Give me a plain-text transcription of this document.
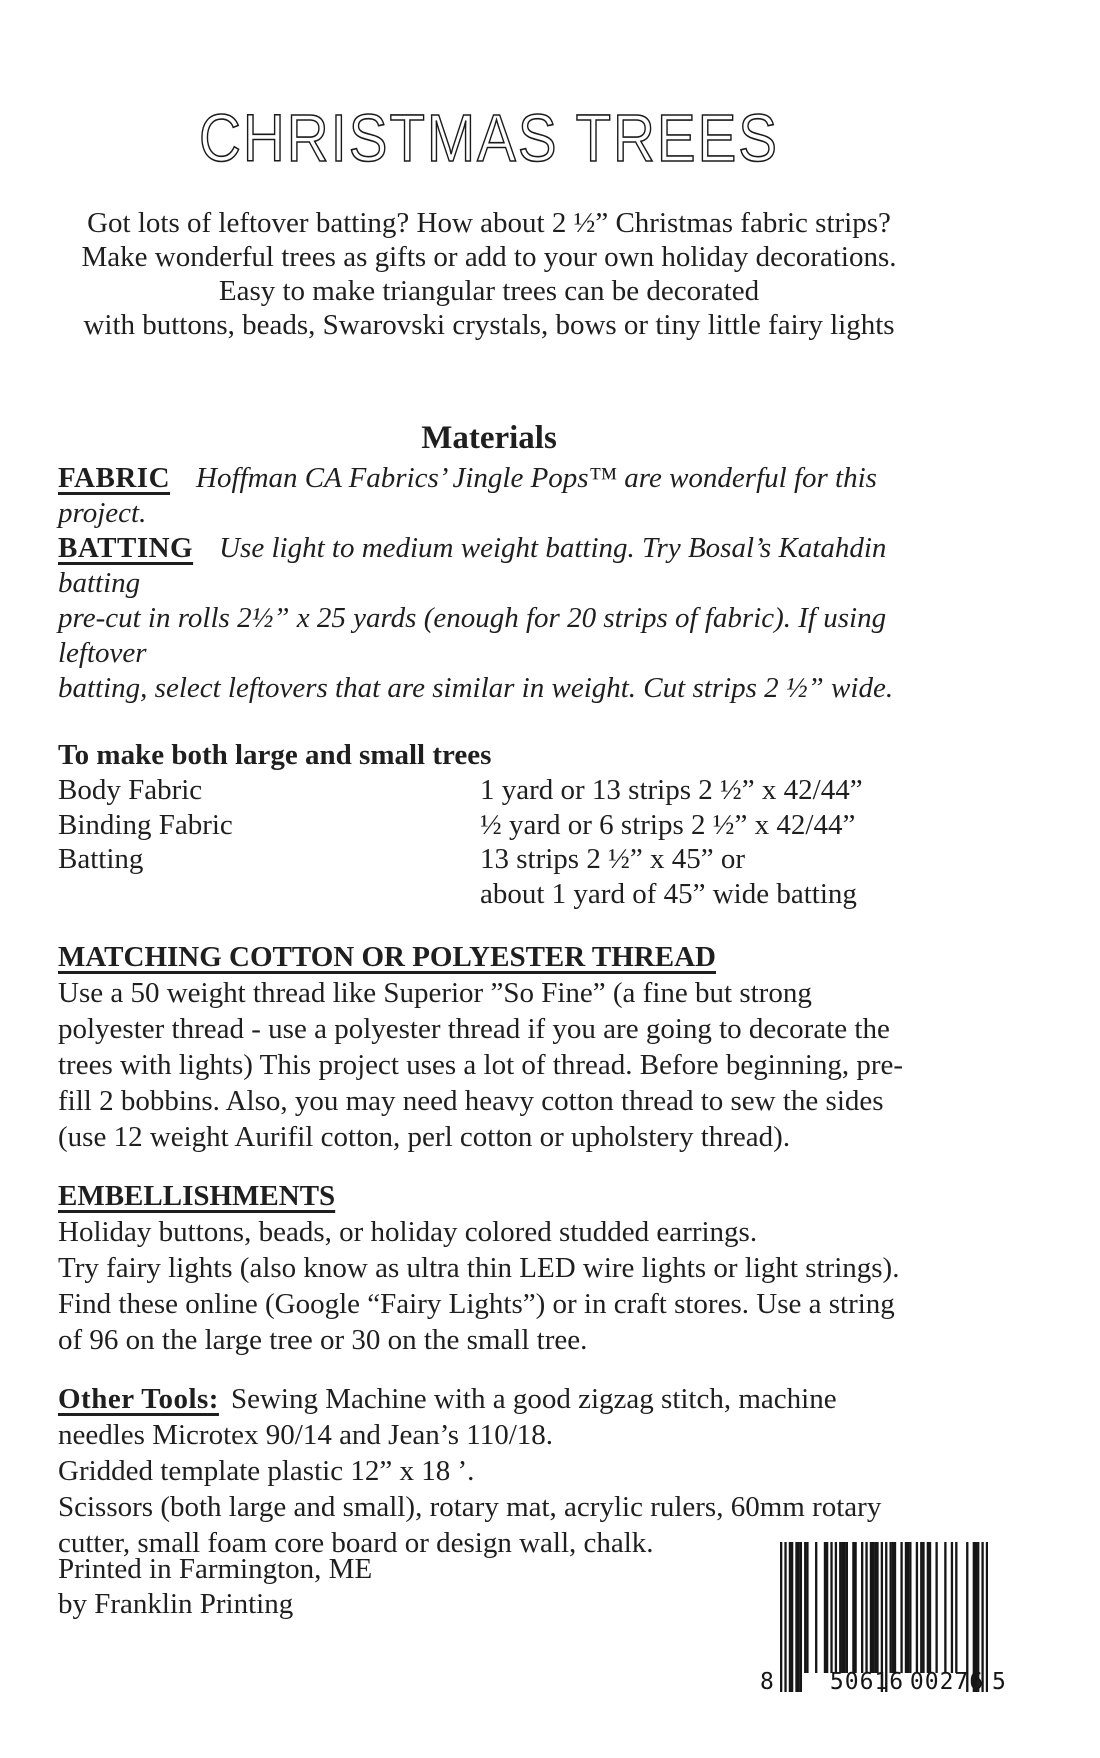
CHRISTMAS TREES
Got lots of leftover batting? How about 2 ½” Christmas fabric strips?
Make wonderful trees as gifts or add to your own holiday decorations.
Easy to make triangular trees can be decorated
with buttons, beads, Swarovski crystals, bows or tiny little fairy lights
Materials
FABRIC Hoffman CA Fabrics’ Jingle Pops™ are wonderful for this project.
BATTING Use light to medium weight batting. Try Bosal’s Katahdin batting
pre-cut in rolls 2½” x 25 yards (enough for 20 strips of fabric). If using leftover
batting, select leftovers that are similar in weight. Cut strips 2 ½” wide.
To make both large and small trees
Body Fabric	1 yard or 13 strips 2 ½” x 42/44”
Binding Fabric	½ yard or 6 strips 2 ½” x 42/44”
Batting	13 strips 2 ½” x 45” or
about 1 yard of 45” wide batting
MATCHING COTTON OR POLYESTER THREAD
Use a 50 weight thread like Superior ”So Fine” (a fine but strong
polyester thread - use a polyester thread if you are going to decorate the
trees with lights) This project uses a lot of thread. Before beginning, pre-
fill 2 bobbins. Also, you may need heavy cotton thread to sew the sides
(use 12 weight Aurifil cotton, perl cotton or upholstery thread).
EMBELLISHMENTS
Holiday buttons, beads, or holiday colored studded earrings.
Try fairy lights (also know as ultra thin LED wire lights or light strings).
Find these online (Google “Fairy Lights”) or in craft stores. Use a string
of 96 on the large tree or 30 on the small tree.
Other Tools: Sewing Machine with a good zigzag stitch, machine
needles Microtex 90/14 and Jean’s 110/18.
Gridded template plastic 12” x 18 ’.
Scissors (both large and small), rotary mat, acrylic rulers, 60mm rotary
cutter, small foam core board or design wall, chalk.
Printed in Farmington, ME
by Franklin Printing
8 50616 00276 5
